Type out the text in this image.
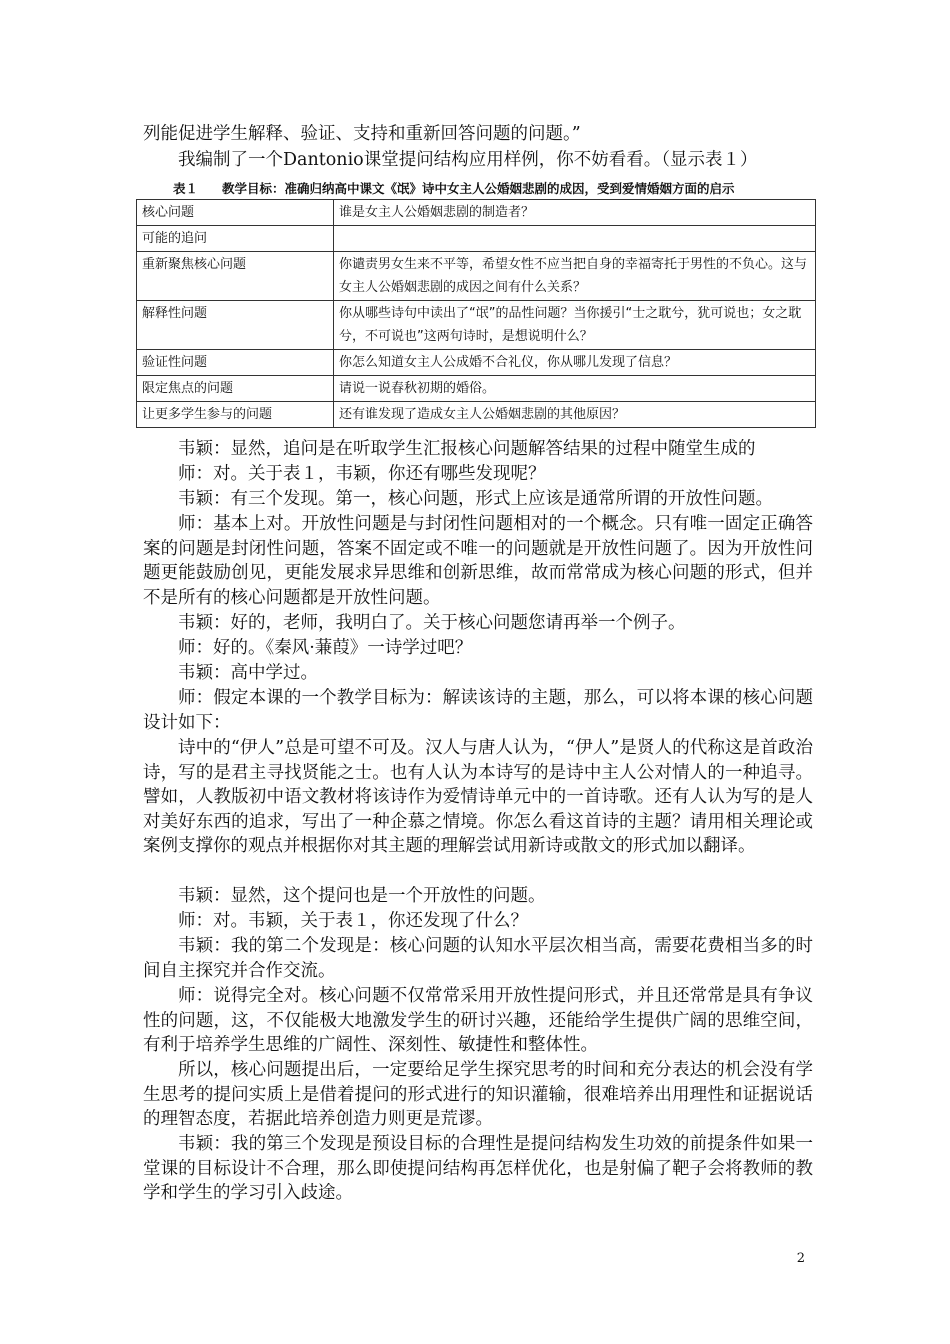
列能促进学生解释、验证、支持和重新回答问题的问题。”

我编制了一个Dantonio课堂提问结构应用样例，你不妨看看。（显示表１）

表１ 教学目标：准确归纳高中课文《氓》诗中女主人公婚姻悲剧的成因，受到爱情婚姻方面的启示
核心问题	谁是女主人公婚姻悲剧的制造者？
可能的追问	
重新聚焦核心问题	你谴责男女生来不平等，希望女性不应当把自身的幸福寄托于男性的不负心。这与女主人公婚姻悲剧的成因之间有什么关系？
解释性问题	你从哪些诗句中读出了“氓”的品性问题？当你援引“士之耽兮，犹可说也；女之耽兮，不可说也”这两句诗时，是想说明什么？
验证性问题	你怎么知道女主人公成婚不合礼仪，你从哪儿发现了信息？
限定焦点的问题	请说一说春秋初期的婚俗。
让更多学生参与的问题	还有谁发现了造成女主人公婚姻悲剧的其他原因？

韦颖：显然，追问是在听取学生汇报核心问题解答结果的过程中随堂生成的

师：对。关于表１，韦颖，你还有哪些发现呢？

韦颖：有三个发现。第一，核心问题，形式上应该是通常所谓的开放性问题。

师：基本上对。开放性问题是与封闭性问题相对的一个概念。只有唯一固定正确答案的问题是封闭性问题，答案不固定或不唯一的问题就是开放性问题了。因为开放性问题更能鼓励创见，更能发展求异思维和创新思维，故而常常成为核心问题的形式，但并不是所有的核心问题都是开放性问题。

韦颖：好的，老师，我明白了。关于核心问题您请再举一个例子。

师：好的。《秦风·蒹葭》一诗学过吧？

韦颖：高中学过。

师：假定本课的一个教学目标为：解读该诗的主题，那么，可以将本课的核心问题设计如下：

诗中的“伊人”总是可望不可及。汉人与唐人认为，“伊人”是贤人的代称这是首政治诗，写的是君主寻找贤能之士。也有人认为本诗写的是诗中主人公对情人的一种追寻。譬如，人教版初中语文教材将该诗作为爱情诗单元中的一首诗歌。还有人认为写的是人对美好东西的追求，写出了一种企慕之情境。你怎么看这首诗的主题？请用相关理论或案例支撑你的观点并根据你对其主题的理解尝试用新诗或散文的形式加以翻译。

韦颖：显然，这个提问也是一个开放性的问题。

师：对。韦颖，关于表１，你还发现了什么？

韦颖：我的第二个发现是：核心问题的认知水平层次相当高，需要花费相当多的时间自主探究并合作交流。

师：说得完全对。核心问题不仅常常采用开放性提问形式，并且还常常是具有争议性的问题，这，不仅能极大地激发学生的研讨兴趣，还能给学生提供广阔的思维空间，有利于培养学生思维的广阔性、深刻性、敏捷性和整体性。

所以，核心问题提出后，一定要给足学生探究思考的时间和充分表达的机会没有学生思考的提问实质上是借着提问的形式进行的知识灌输，很难培养出用理性和证据说话的理智态度，若据此培养创造力则更是荒谬。

韦颖：我的第三个发现是预设目标的合理性是提问结构发生功效的前提条件如果一堂课的目标设计不合理，那么即使提问结构再怎样优化，也是射偏了靶子会将教师的教学和学生的学习引入歧途。

2
